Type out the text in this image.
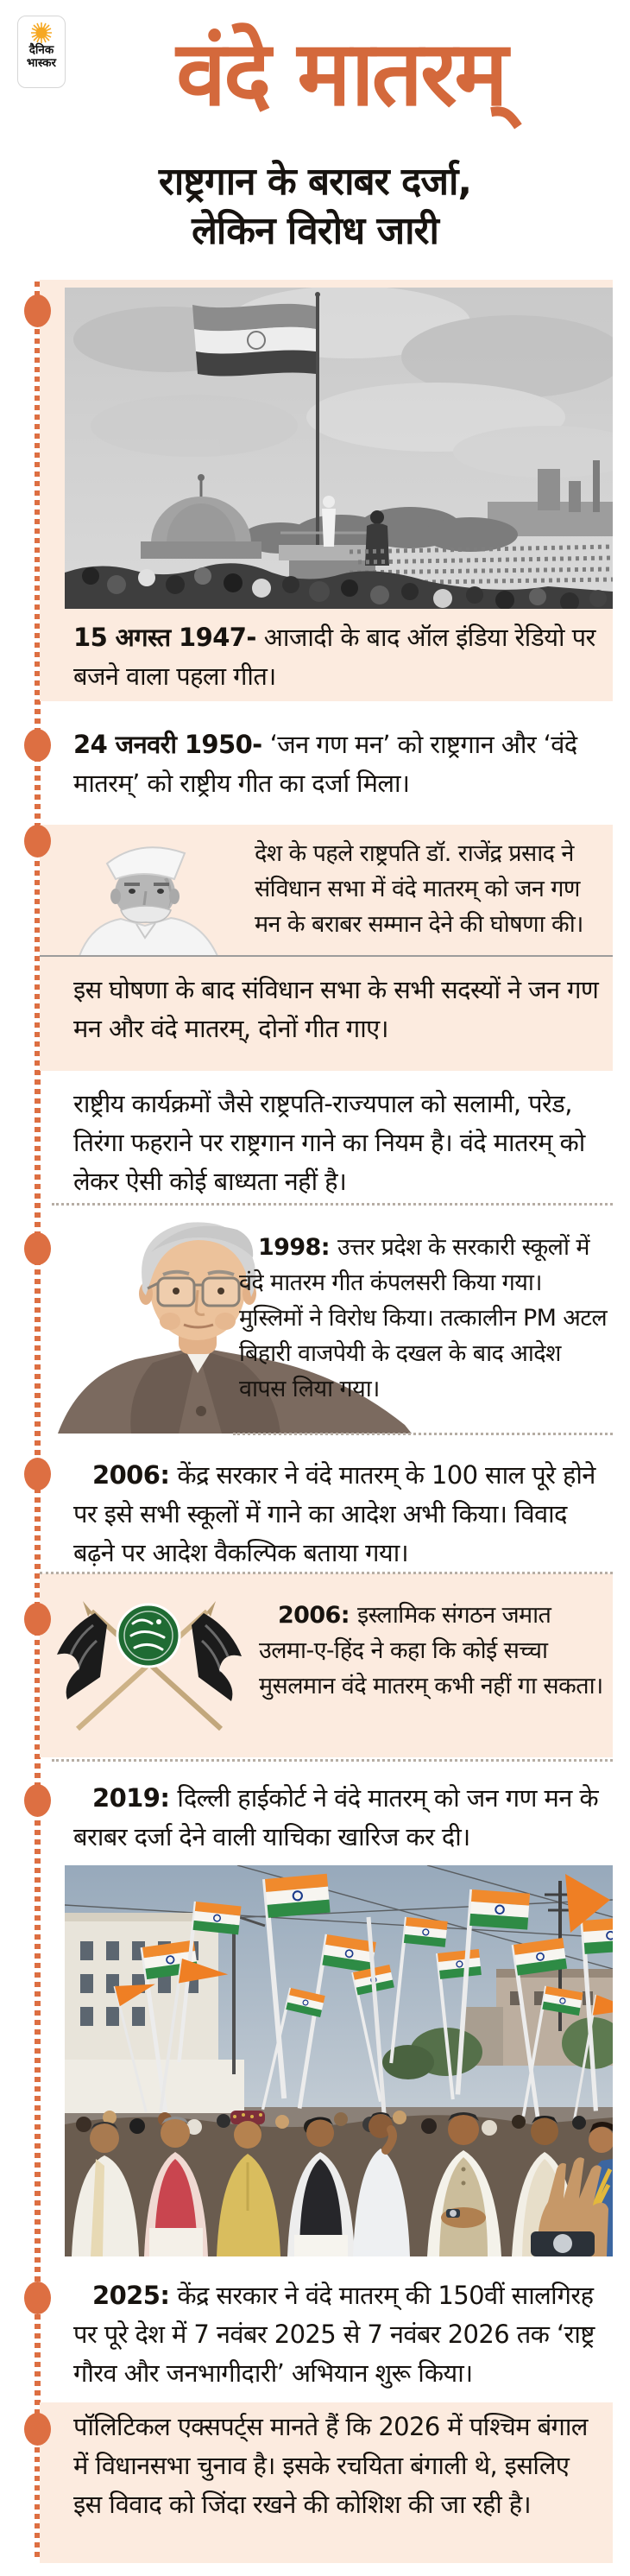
दैनिक
भास्कर	वंदे मातरम्
राष्ट्रगान के बराबर दर्जा,
लेकिन विरोध जारी
15 अगस्त 1947- आजादी के बाद ऑल इंडिया रेडियो पर बजने वाला पहला गीत।
24 जनवरी 1950- ‘जन गण मन’ को राष्ट्रगान और ‘वंदे मातरम्’ को राष्ट्रीय गीत का दर्जा मिला।
देश के पहले राष्ट्रपति डॉ. राजेंद्र प्रसाद ने संविधान सभा में वंदे मातरम् को जन गण मन के बराबर सम्मान देने की घोषणा की।
इस घोषणा के बाद संविधान सभा के सभी सदस्यों ने जन गण मन और वंदे मातरम्, दोनों गीत गाए।
राष्ट्रीय कार्यक्रमों जैसे राष्ट्रपति-राज्यपाल को सलामी, परेड, तिरंगा फहराने पर राष्ट्रगान गाने का नियम है। वंदे मातरम् को लेकर ऐसी कोई बाध्यता नहीं है।
1998: उत्तर प्रदेश के सरकारी स्कूलों में वंदे मातरम गीत कंपलसरी किया गया। मुस्लिमों ने विरोध किया। तत्कालीन PM अटल बिहारी वाजपेयी के दखल के बाद आदेश वापस लिया गया।
2006: केंद्र सरकार ने वंदे मातरम् के 100 साल पूरे होने पर इसे सभी स्कूलों में गाने का आदेश अभी किया। विवाद बढ़ने पर आदेश वैकल्पिक बताया गया।
2006: इस्लामिक संगठन जमात उलमा-ए-हिंद ने कहा कि कोई सच्चा मुसलमान वंदे मातरम् कभी नहीं गा सकता।
2019: दिल्ली हाईकोर्ट ने वंदे मातरम् को जन गण मन के बराबर दर्जा देने वाली याचिका खारिज कर दी।
2025: केंद्र सरकार ने वंदे मातरम् की 150वीं सालगिरह पर पूरे देश में 7 नवंबर 2025 से 7 नवंबर 2026 तक ‘राष्ट्र गौरव और जनभागीदारी’ अभियान शुरू किया।
पॉलिटिकल एक्सपर्ट्स मानते हैं कि 2026 में पश्चिम बंगाल में विधानसभा चुनाव है। इसके रचयिता बंगाली थे, इसलिए इस विवाद को जिंदा रखने की कोशिश की जा रही है।
